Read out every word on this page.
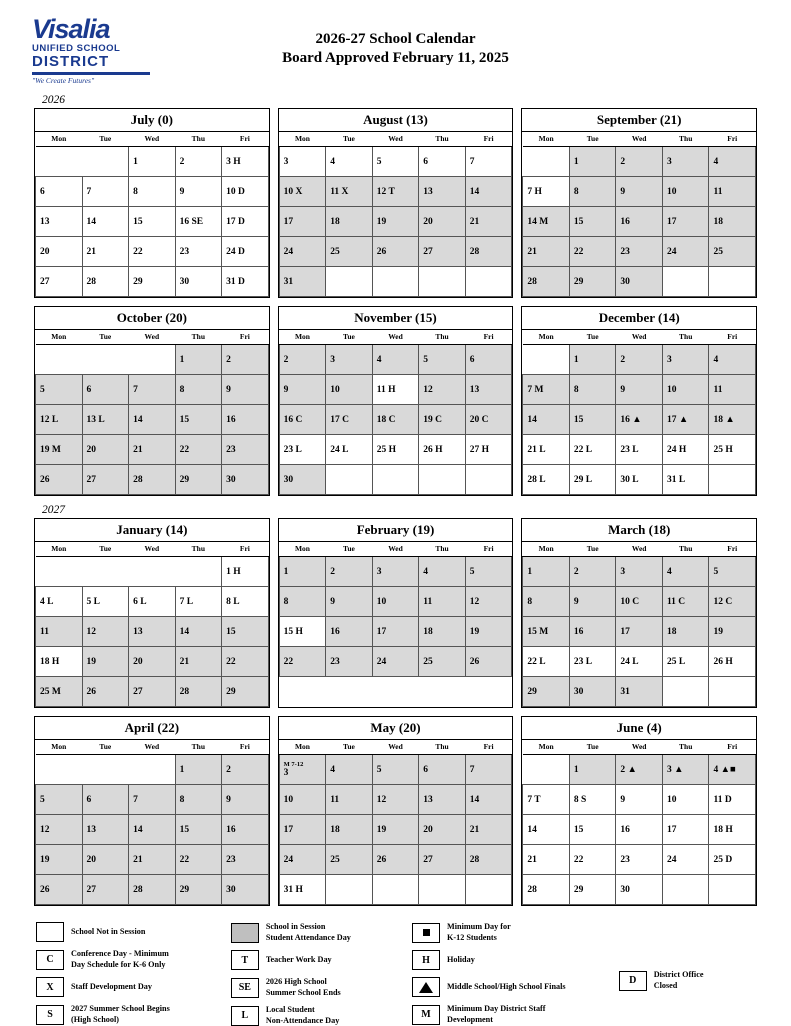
Visalia
UNIFIED SCHOOL
DISTRICT
"We Create Futures"
2026-27 School Calendar
Board Approved February 11, 2025
2026
July (0)
Mon	Tue	Wed	Thu	Fri
		1	2	3 H
6	7	8	9	10 D
13	14	15	16 SE	17 D
20	21	22	23	24 D
27	28	29	30	31 D
August (13)
Mon	Tue	Wed	Thu	Fri
3	4	5	6	7
10 X	11 X	12 T	13	14
17	18	19	20	21
24	25	26	27	28
31				
September (21)
Mon	Tue	Wed	Thu	Fri
	1	2	3	4
7 H	8	9	10	11
14 M	15	16	17	18
21	22	23	24	25
28	29	30		
October (20)
Mon	Tue	Wed	Thu	Fri
			1	2
5	6	7	8	9
12 L	13 L	14	15	16
19 M	20	21	22	23
26	27	28	29	30
November (15)
Mon	Tue	Wed	Thu	Fri
2	3	4	5	6
9	10	11 H	12	13
16 C	17 C	18 C	19 C	20 C
23 L	24 L	25 H	26 H	27 H
30				
December (14)
Mon	Tue	Wed	Thu	Fri
	1	2	3	4
7 M	8	9	10	11
14	15	16 ▲	17 ▲	18 ▲
21 L	22 L	23 L	24 H	25 H
28 L	29 L	30 L	31 L	
2027
January (14)
Mon	Tue	Wed	Thu	Fri
				1 H
4 L	5 L	6 L	7 L	8 L
11	12	13	14	15
18 H	19	20	21	22
25 M	26	27	28	29
February (19)
Mon	Tue	Wed	Thu	Fri
1	2	3	4	5
8	9	10	11	12
15 H	16	17	18	19
22	23	24	25	26

March (18)
Mon	Tue	Wed	Thu	Fri
1	2	3	4	5
8	9	10 C	11 C	12 C
15 M	16	17	18	19
22 L	23 L	24 L	25 L	26 H
29	30	31		
April (22)
Mon	Tue	Wed	Thu	Fri
			1	2
5	6	7	8	9
12	13	14	15	16
19	20	21	22	23
26	27	28	29	30
May (20)
Mon	Tue	Wed	Thu	Fri

M 7-12
3	4	5	6	7
10	11	12	13	14
17	18	19	20	21
24	25	26	27	28
31 H				
June (4)
Mon	Tue	Wed	Thu	Fri
	1	2 ▲	3 ▲	4 ▲■
7 T	8 S	9	10	11 D
14	15	16	17	18 H
21	22	23	24	25 D
28	29	30		
School Not in Session
C
Conference Day - Minimum
Day Schedule for K-6 Only
X	Staff Development Day
S
2027 Summer School Begins
(High School)
School in Session
Student Attendance Day
T	Teacher Work Day
SE
2026 High School
Summer School Ends
L
Local Student
Non-Attendance Day
Minimum Day for
K-12 Students
H	Holiday
Middle School/High School Finals
M
Minimum Day District Staff
Development
D
District Office
Closed
